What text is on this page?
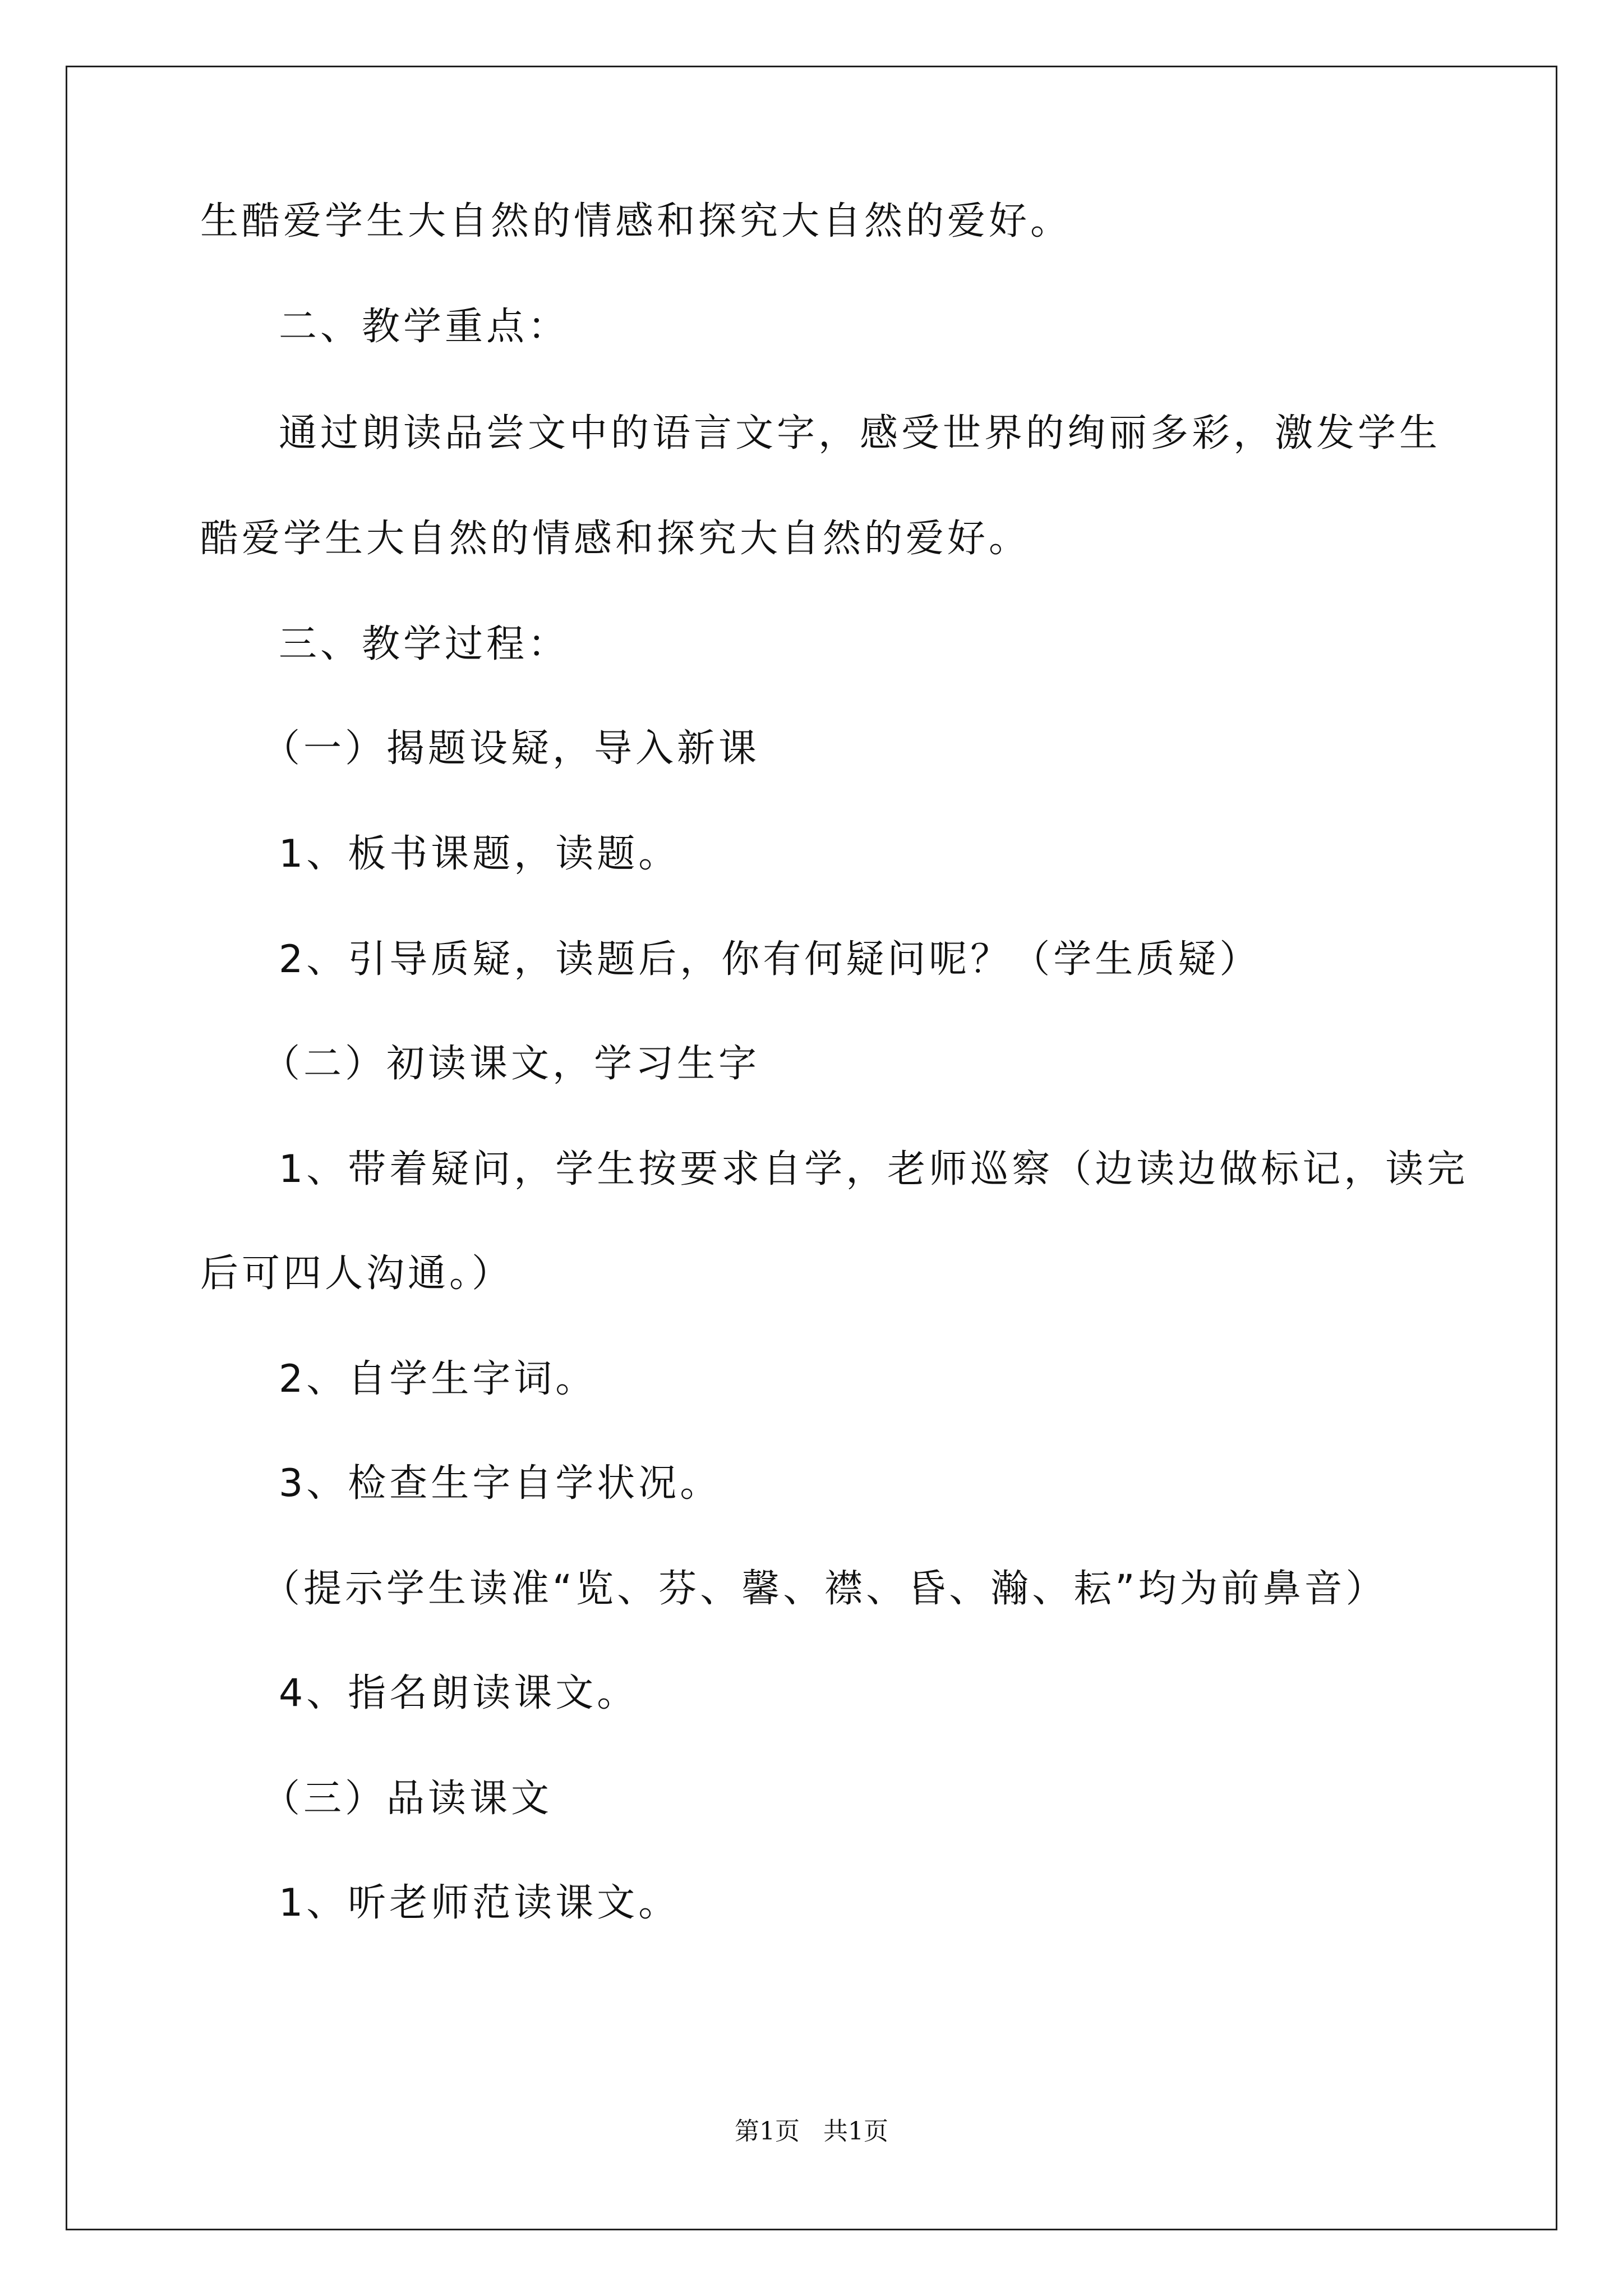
生酷爱学生大自然的情感和探究大自然的爱好。
二、教学重点：
通过朗读品尝文中的语言文字，感受世界的绚丽多彩，激发学生
酷爱学生大自然的情感和探究大自然的爱好。
三、教学过程：
（一）揭题设疑，导入新课
1、板书课题，读题。
2、引导质疑，读题后，你有何疑问呢？（学生质疑）
（二）初读课文，学习生字
1、带着疑问，学生按要求自学，老师巡察（边读边做标记，读完
后可四人沟通。）
2、自学生字词。
3、检查生字自学状况。
（提示学生读准“览、芬、馨、襟、昏、瀚、耘”均为前鼻音）
4、指名朗读课文。
（三）品读课文
1、听老师范读课文。
第1页 共1页
